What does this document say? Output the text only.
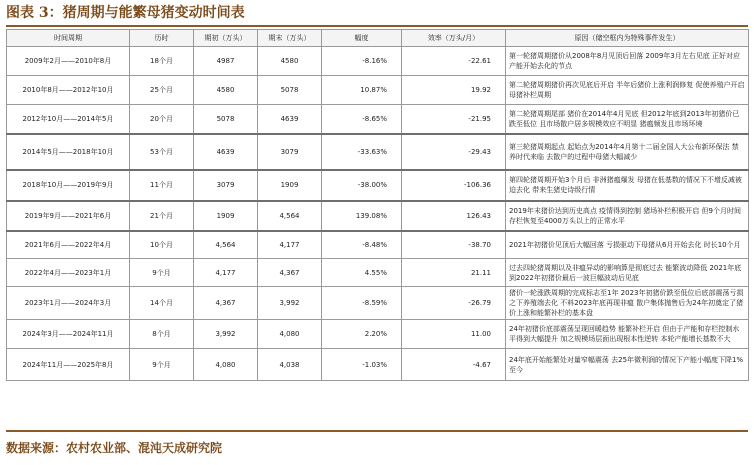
图表 3：猪周期与能繁母猪变动时间表
时间周期	历时	期初（万头）	期末（万头）	幅度	效率（万头/月）	原因（储空框内为特殊事件发生）
2009年2月——2010年8月	18个月	4987	4580	-8.16%	-22.61	第一轮猪周期猪价从2008年8月见顶后回落 2009年3月左右见底 正好对应产能开始去化的节点
2010年8月——2012年10月	25个月	4580	5078	10.87%	19.92	第二轮猪周期猪价再次见底后开启 半年后猪价上涨利润修复 促使养殖户开启母猪补栏周期
2012年10月——2014年5月	20个月	5078	4639	-8.65%	-21.95	第二轮猪周期尾部 猪价在2014年4月见底 但2012年底到2013年初猪价已跌至低位 且市场散户居多规模效应不明显 猪瘟频发且市场环境
2014年5月——2018年10月	53个月	4639	3079	-33.63%	-29.43	第三轮猪周期起点 起始点为2014年4月第十二届全国人大公布新环保法 禁养时代来临 去散户的过程中母猪大幅减少
2018年10月——2019年9月	11个月	3079	1909	-38.00%	-106.36	第四轮猪周期开始3个月后 非洲猪瘟爆发 母猪在低基数的情况下不增反减被迫去化 带来生猪史诗级行情
2019年9月——2021年6月	21个月	1909	4,564	139.08%	126.43	2019年末猪价达到历史高点 疫情得到控制 猪场补栏积极开启 但9个月时间存栏恢复至4000万头以上的正常水平
2021年6月——2022年4月	10个月	4,564	4,177	-8.48%	-38.70	2021年初猪价见顶后大幅回落 亏损驱动下母猪从6月开始去化 时长10个月
2022年4月——2023年1月	9个月	4,177	4,367	4.55%	21.11	过去四轮猪周期以及非瘟异动的影响算是彻底过去 能繁波动降低 2021年底到2022年初猪价最后一波巨幅波动后见底
2023年1月——2024年3月	14个月	4,367	3,992	-8.59%	-26.79	猪价一轮涨跌周期的完成标志至1年 2023年初猪价跌至低位后底部震荡亏损之下养殖端去化 不料2023年底再现非瘟 散户集体抛售后为24年初奠定了猪价上涨和能繁补栏的基本盘
2024年3月——2024年11月	8个月	3,992	4,080	2.20%	11.00	24年初猪价底部震荡呈现回暖趋势 能繁补栏开启 但由于产能和存栏控制水平得到大幅提升 加之规模场层面出现根本性逆转 本轮产能增长基数不大
2024年11月——2025年8月	9个月	4,080	4,038	-1.03%	-4.67	24年底开始能繁处对量窄幅震荡 去25年微利润的情况下产能小幅度下降1%至今
数据来源：农村农业部、混沌天成研究院
